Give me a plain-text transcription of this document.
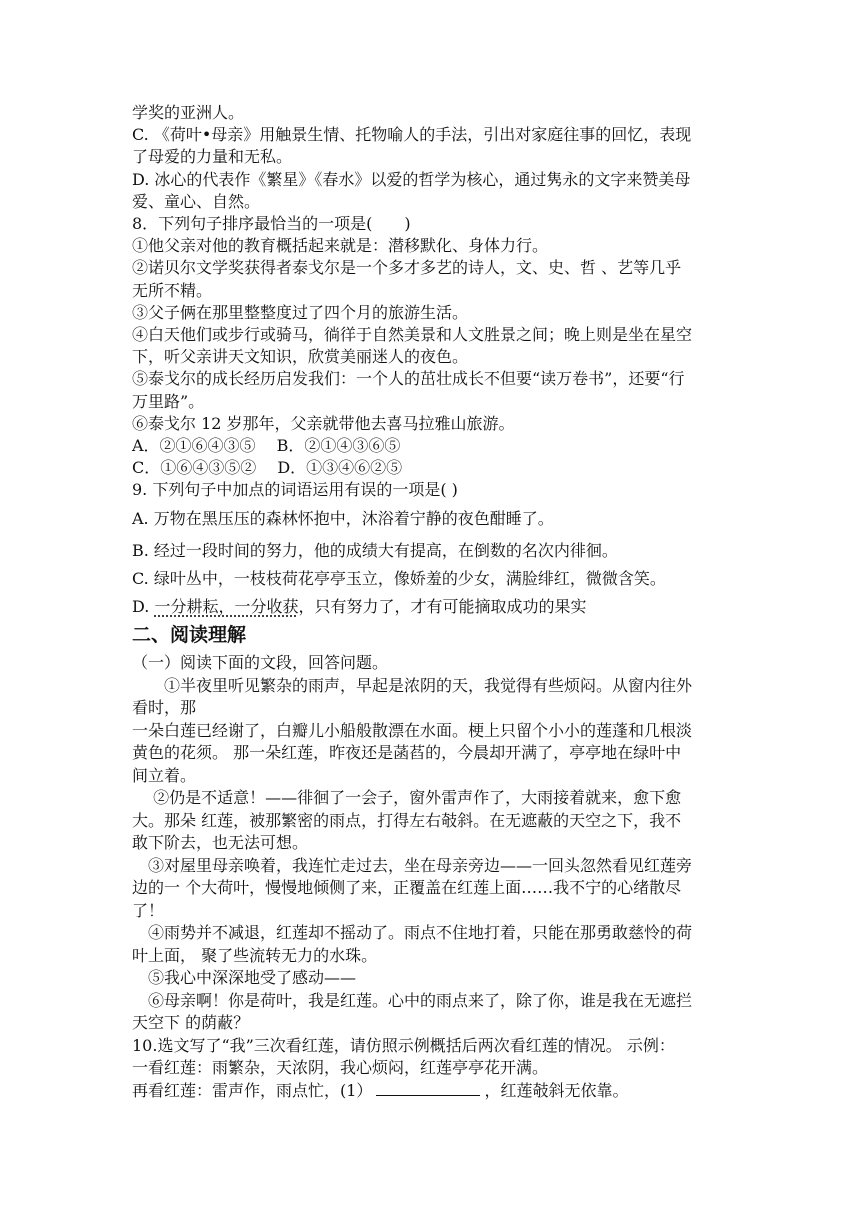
学奖的亚洲人。
C. 《荷叶•母亲》用触景生情、托物喻人的手法，引出对家庭往事的回忆，表现
了母爱的力量和无私。
D. 冰心的代表作《繁星》《春水》以爱的哲学为核心，通过隽永的文字来赞美母
爱、童心、自然。
8．下列句子排序最恰当的一项是(　　)
①他父亲对他的教育概括起来就是：潜移默化、身体力行。
②诺贝尔文学奖获得者泰戈尔是一个多才多艺的诗人，文、史、哲 、艺等几乎
无所不精。
③父子俩在那里整整度过了四个月的旅游生活。
④白天他们或步行或骑马，徜徉于自然美景和人文胜景之间；晚上则是坐在星空
下，听父亲讲天文知识，欣赏美丽迷人的夜色。
⑤泰戈尔的成长经历启发我们：一个人的茁壮成长不但要“读万卷书”，还要“行
万里路”。
⑥泰戈尔 12 岁那年，父亲就带他去喜马拉雅山旅游。
A．②①⑥④③⑤　 B．②①④③⑥⑤
C．①⑥④③⑤②　 D．①③④⑥②⑤
9. 下列句子中加点的词语运用有误的一项是( )
A. 万物在黑压压的森林怀抱中，沐浴着宁静的夜色酣睡了。
B. 经过一段时间的努力，他的成绩大有提高，在倒数的名次内徘徊。
C. 绿叶丛中，一枝枝荷花亭亭玉立，像娇羞的少女，满脸绯红，微微含笑。
D. 一分耕耘，一分收获，只有努力了，才有可能摘取成功的果实
二、阅读理解
（一）阅读下面的文段，回答问题。
　　①半夜里听见繁杂的雨声，早起是浓阴的天，我觉得有些烦闷。从窗内往外
看时，那
一朵白莲已经谢了，白瓣儿小船般散漂在水面。梗上只留个小小的莲蓬和几根淡
黄色的花须。 那一朵红莲，昨夜还是菡萏的，今晨却开满了，亭亭地在绿叶中
间立着。
　 ②仍是不适意！——徘徊了一会子，窗外雷声作了，大雨接着就来，愈下愈
大。那朵 红莲，被那繁密的雨点，打得左右攲斜。在无遮蔽的天空之下，我不
敢下阶去，也无法可想。
　③对屋里母亲唤着，我连忙走过去，坐在母亲旁边——一回头忽然看见红莲旁
边的一 个大荷叶，慢慢地倾侧了来，正覆盖在红莲上面……我不宁的心绪散尽
了！
　④雨势并不减退，红莲却不摇动了。雨点不住地打着，只能在那勇敢慈怜的荷
叶上面， 聚了些流转无力的水珠。
　⑤我心中深深地受了感动——
　⑥母亲啊！你是荷叶，我是红莲。心中的雨点来了，除了你，谁是我在无遮拦
天空下 的荫蔽？
10.选文写了“我”三次看红莲，请仿照示例概括后两次看红莲的情况。 示例：
一看红莲：雨繁杂，天浓阴，我心烦闷，红莲亭亭花开满。
再看红莲：雷声作，雨点忙，(1）	，红莲攲斜无依靠。
